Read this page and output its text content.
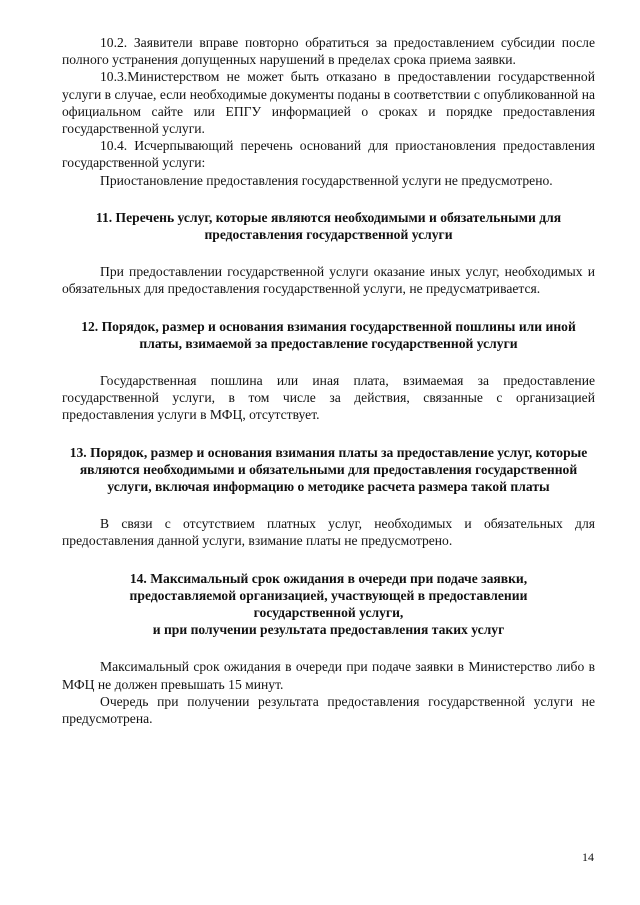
10.2. Заявители вправе повторно обратиться за предоставлением субсидии после полного устранения допущенных нарушений в пределах срока приема заявки.

10.3.Министерством не может быть отказано в предоставлении государственной услуги в случае, если необходимые документы поданы в соответствии с опубликованной на официальном сайте или ЕПГУ информацией о сроках и порядке предоставления государственной услуги.

10.4. Исчерпывающий перечень оснований для приостановления предоставления государственной услуги:

Приостановление предоставления государственной услуги не предусмотрено.

11. Перечень услуг, которые являются необходимыми и обязательными для предоставления государственной услуги

При предоставлении государственной услуги оказание иных услуг, необходимых и обязательных для предоставления государственной услуги, не предусматривается.

12. Порядок, размер и основания взимания государственной пошлины или иной платы, взимаемой за предоставление государственной услуги

Государственная пошлина или иная плата, взимаемая за предоставление государственной услуги, в том числе за действия, связанные с организацией предоставления услуги в МФЦ, отсутствует.

13. Порядок, размер и основания взимания платы за предоставление услуг, которые являются необходимыми и обязательными для предоставления государственной услуги, включая информацию о методике расчета размера такой платы

В связи с отсутствием платных услуг, необходимых и обязательных для предоставления данной услуги, взимание платы не предусмотрено.

14. Максимальный срок ожидания в очереди при подаче заявки,
предоставляемой организацией, участвующей в предоставлении
государственной услуги,
и при получении результата предоставления таких услуг

Максимальный срок ожидания в очереди при подаче заявки в Министерство либо в МФЦ не должен превышать 15 минут.

Очередь при получении результата предоставления государственной услуги не предусмотрена.

14
